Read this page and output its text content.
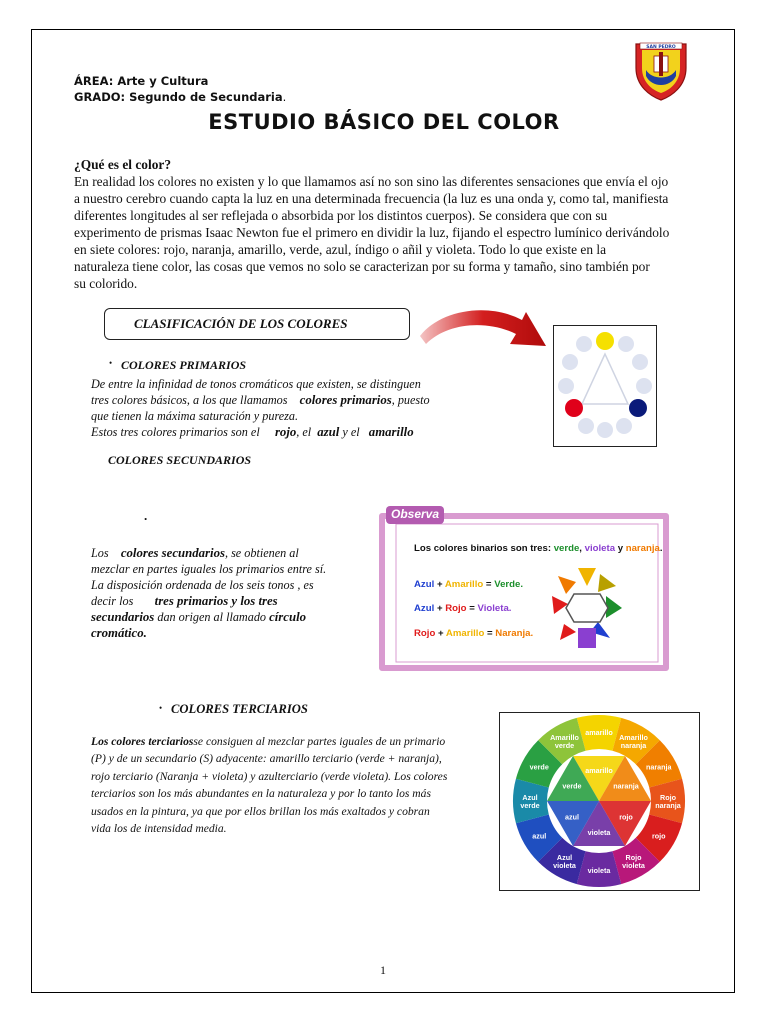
ÁREA: Arte y Cultura
GRADO: Segundo de Secundaria.
SAN PEDRO
ESTUDIO BÁSICO DEL COLOR
¿Qué es el color?
En realidad los colores no existen y lo que llamamos así no son sino las diferentes sensaciones que envía el ojo
a nuestro cerebro cuando capta la luz en una determinada frecuencia (la luz es una onda y, como tal, manifiesta
diferentes longitudes al ser reflejada o absorbida por los distintos cuerpos). Se considera que con su
experimento de prismas Isaac Newton fue el primero en dividir la luz, fijando el espectro lumínico derivándolo
en siete colores: rojo, naranja, amarillo, verde, azul, índigo o añil y violeta. Todo lo que existe en la
naturaleza tiene color, las cosas que vemos no solo se caracterizan por su forma y tamaño, sino también por
su colorido.
CLASIFICACIÓN DE LOS COLORES
• COLORES PRIMARIOS
De entre la infinidad de tonos cromáticos que existen, se distinguen
tres colores básicos, a los que llamamos colores primarios, puesto
que tienen la máxima saturación y pureza.
Estos tres colores primarios son el rojo, el azul y el amarillo
COLORES SECUNDARIOS
.
Los colores secundarios, se obtienen al
mezclar en partes iguales los primarios entre sí.
La disposición ordenada de los seis tonos , es
decir los tres primarios y los tres
secundarios dan origen al llamado círculo
cromático.
Observa
Los colores binarios son tres: verde, violeta y naranja.
Azul + Amarillo = Verde.
Azul + Rojo = Violeta.
Rojo + Amarillo = Naranja.
• COLORES TERCIARIOS
Los colores terciariosse consiguen al mezclar partes iguales de un primario
(P) y de un secundario (S) adyacente: amarillo terciario (verde + naranja),
rojo terciario (Naranja + violeta) y azulterciario (verde violeta). Los colores
terciarios son los más abundantes en la naturaleza y por lo tanto los más
usados en la pintura, ya que por ellos brillan los más exaltados y cobran
vida los de intensidad media.
amarillo
Amarillo naranja
naranja
Rojo naranja
rojo
Rojo violeta
violeta
Azul violeta
azul
Azul verde
verde
Amarillo verde
amarillo
naranja
rojo
violeta
azul
verde
1
